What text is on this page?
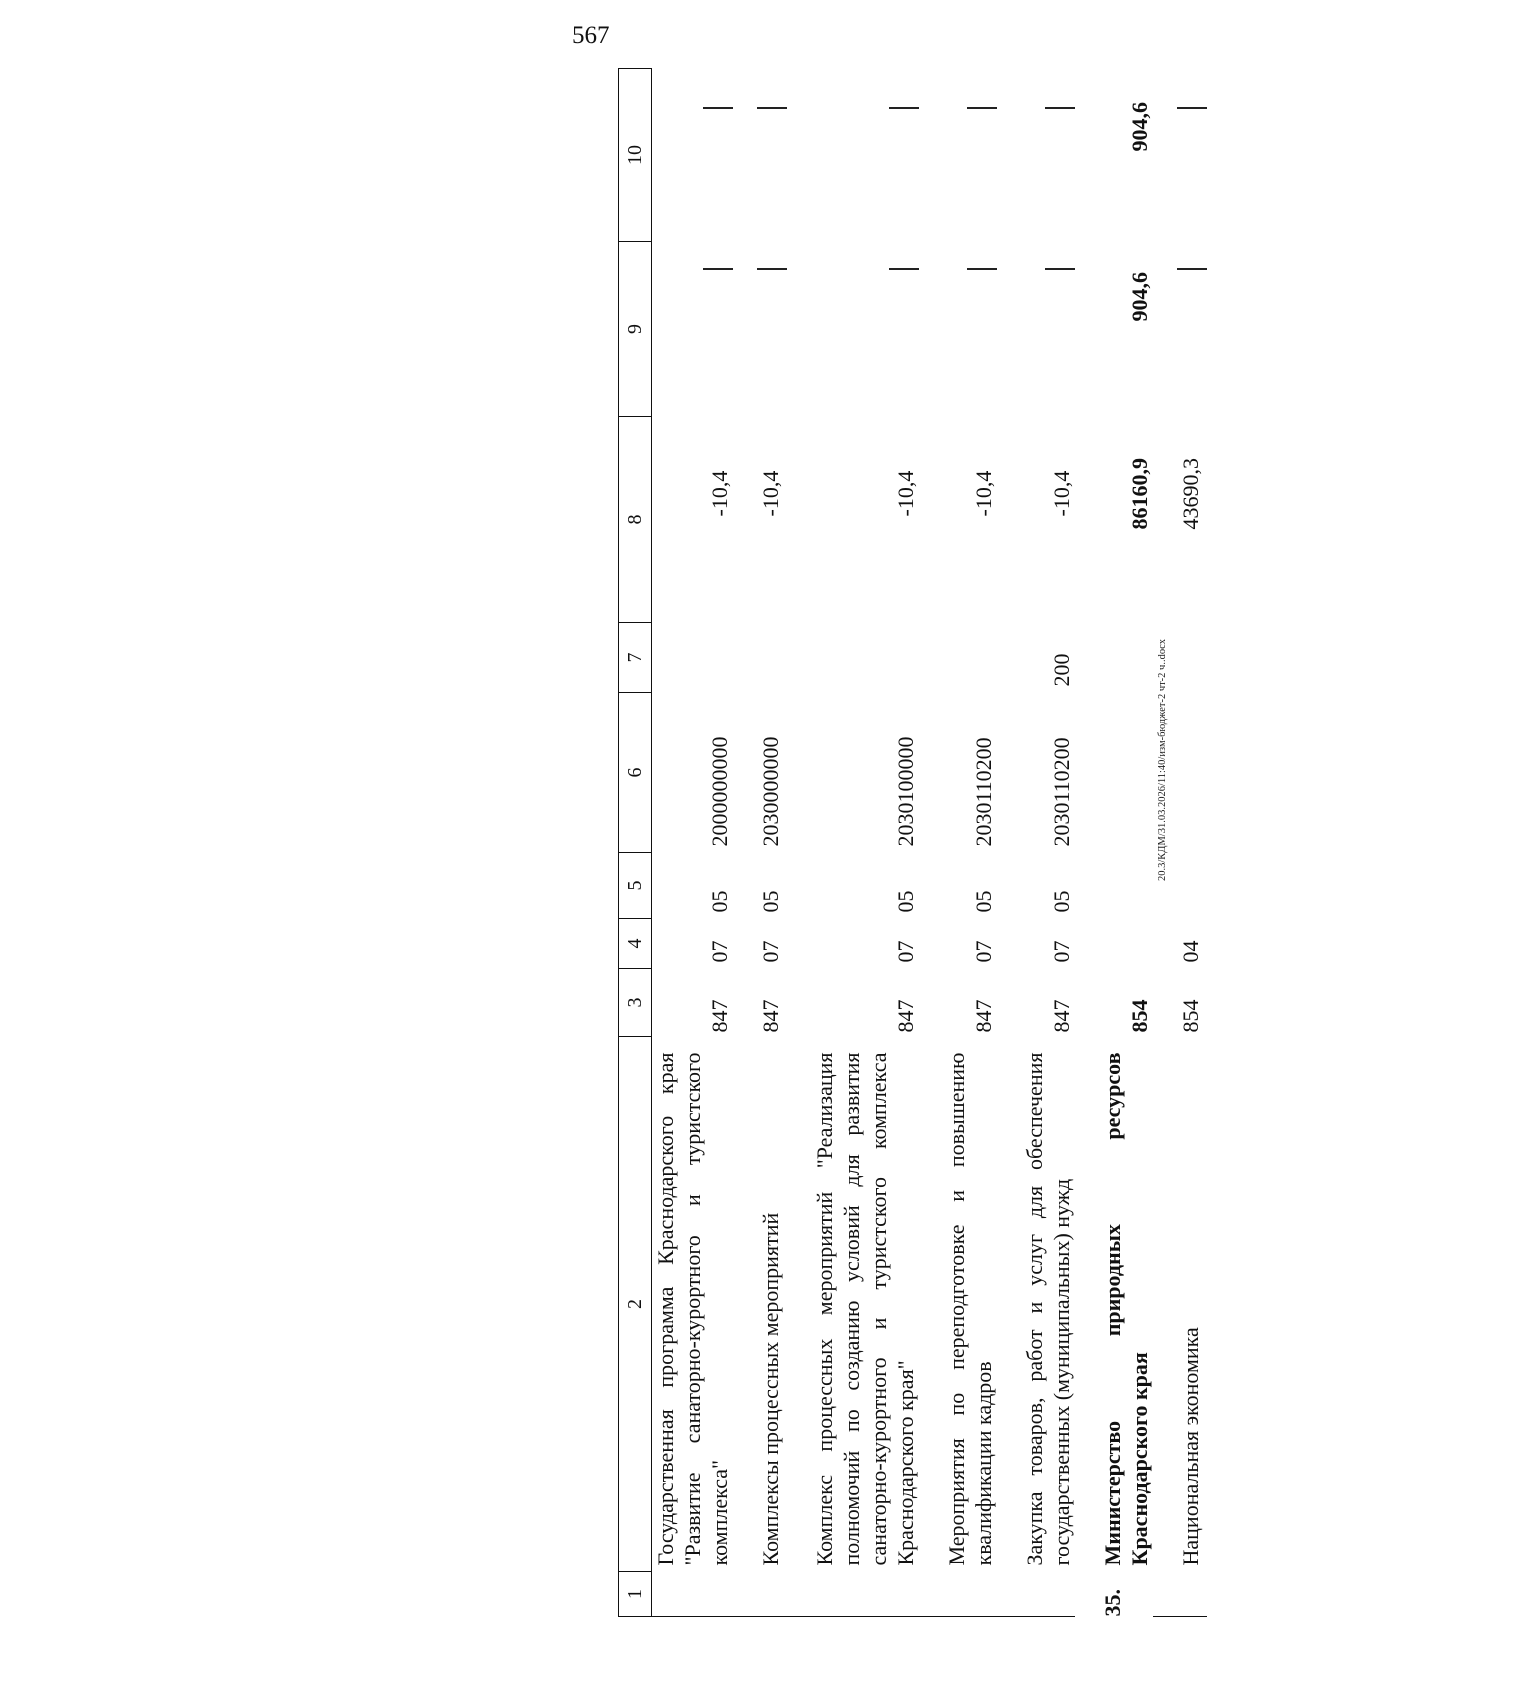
567
20.3/КДМ/31.03.2026/11:40/изм-бюджет-2 чт-2 ч..docx
1	2	3	4	5	6	7	8	9	10
	Государственная программа Краснодарского края "Развитие санаторно-курортного и туристского комплекса"	847	07	05	2000000000		-10,4	

	Комплексы процессных мероприятий	847	07	05	2030000000		-10,4	

	Комплекс процессных мероприятий "Реализация полномочий по созданию условий для развития санаторно-курортного и туристского комплекса Краснодарского края"	847	07	05	2030100000		-10,4	

	Мероприятия по переподготовке и повышению квалификации кадров	847	07	05	2030110200		-10,4	

	Закупка товаров, работ и услуг для обеспечения государственных (муниципальных) нужд	847	07	05	2030110200	200	-10,4	

35.	Министерство природных ресурсов Краснодарского края	854					86160,9	904,6	904,6
	Национальная экономика	854	04				43690,3	
